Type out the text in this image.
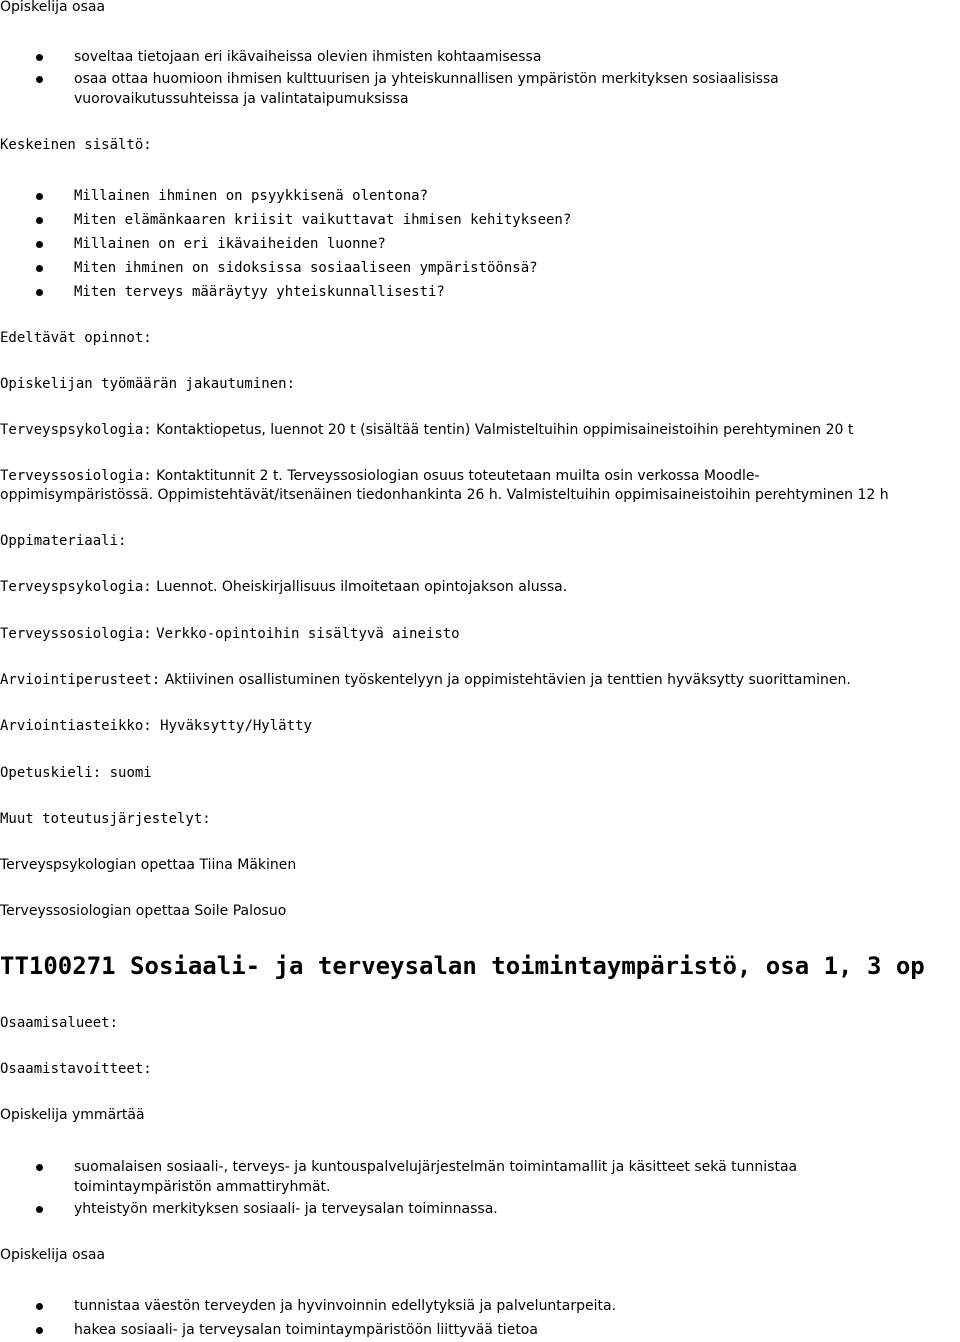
Opiskelija osaa
soveltaa tietojaan eri ikävaiheissa olevien ihmisten kohtaamisessa
osaa ottaa huomioon ihmisen kulttuurisen ja yhteiskunnallisen ympäristön merkityksen sosiaalisissa vuorovaikutussuhteissa ja valintataipumuksissa
Keskeinen sisältö:
Millainen ihminen on psyykkisenä olentona?
Miten elämänkaaren kriisit vaikuttavat ihmisen kehitykseen?
Millainen on eri ikävaiheiden luonne?
Miten ihminen on sidoksissa sosiaaliseen ympäristöönsä?
Miten terveys määräytyy yhteiskunnallisesti?
Edeltävät opinnot:
Opiskelijan työmäärän jakautuminen:
Terveyspsykologia: Kontaktiopetus, luennot 20 t (sisältää tentin) Valmisteltuihin oppimisaineistoihin perehtyminen 20 t
Terveyssosiologia: Kontaktitunnit 2 t. Terveyssosiologian osuus toteutetaan muilta osin verkossa Moodle-
oppimisympäristössä. Oppimistehtävät/itsenäinen tiedonhankinta 26 h. Valmisteltuihin oppimisaineistoihin perehtyminen 12 h
Oppimateriaali:
Terveyspsykologia: Luennot. Oheiskirjallisuus ilmoitetaan opintojakson alussa.
Terveyssosiologia: Verkko-opintoihin sisältyvä aineisto
Arviointiperusteet: Aktiivinen osallistuminen työskentelyyn ja oppimistehtävien ja tenttien hyväksytty suorittaminen.
Arviointiasteikko: Hyväksytty/Hylätty
Opetuskieli: suomi
Muut toteutusjärjestelyt:
Terveyspsykologian opettaa Tiina Mäkinen
Terveyssosiologian opettaa Soile Palosuo
TT100271 Sosiaali- ja terveysalan toimintaympäristö, osa 1, 3 op
Osaamisalueet:
Osaamistavoitteet:
Opiskelija ymmärtää
suomalaisen sosiaali-, terveys- ja kuntouspalvelujärjestelmän toimintamallit ja käsitteet sekä tunnistaa toimintaympäristön ammattiryhmät.
yhteistyön merkityksen sosiaali- ja terveysalan toiminnassa.
Opiskelija osaa
tunnistaa väestön terveyden ja hyvinvoinnin edellytyksiä ja palveluntarpeita.
hakea sosiaali- ja terveysalan toimintaympäristöön liittyvää tietoa
